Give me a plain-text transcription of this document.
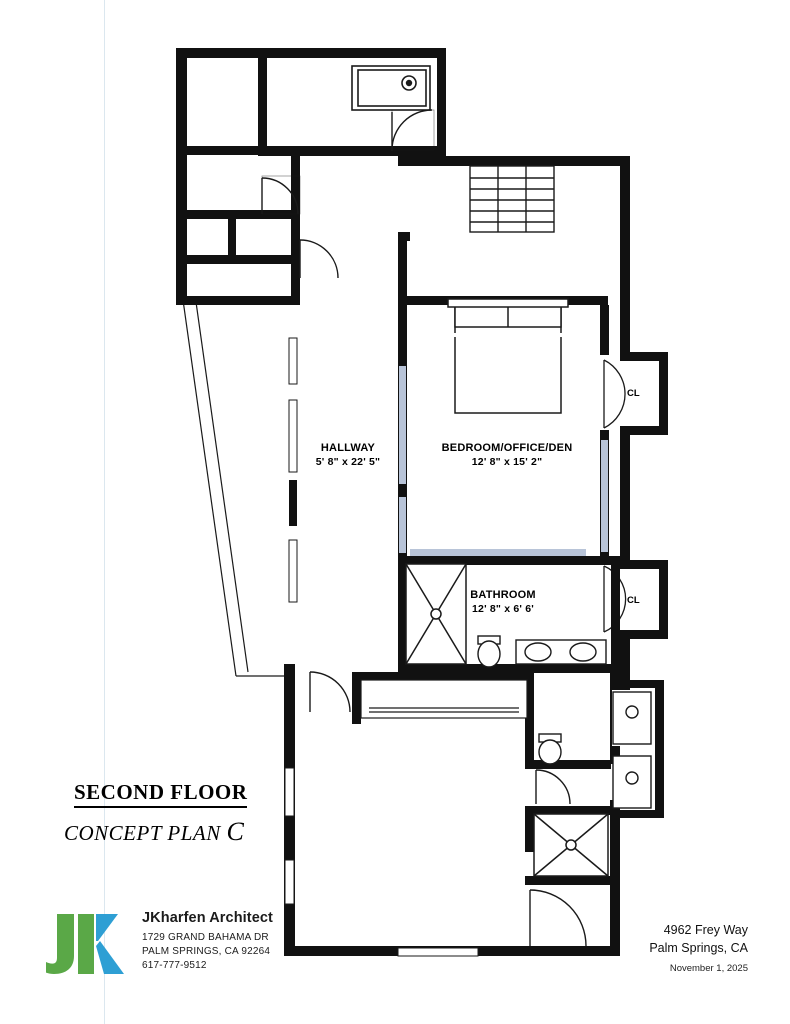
HALLWAY
5' 8" x 22' 5"
BEDROOM/OFFICE/DEN
12' 8" x 15' 2"
BATHROOM
12' 8" x 6' 6'
CL
CL
SECOND FLOOR
CONCEPT PLAN C
JKharfen Architect
1729 GRAND BAHAMA DR
PALM SPRINGS, CA 92264
617-777-9512
4962 Frey Way
Palm Springs, CA
November 1, 2025
